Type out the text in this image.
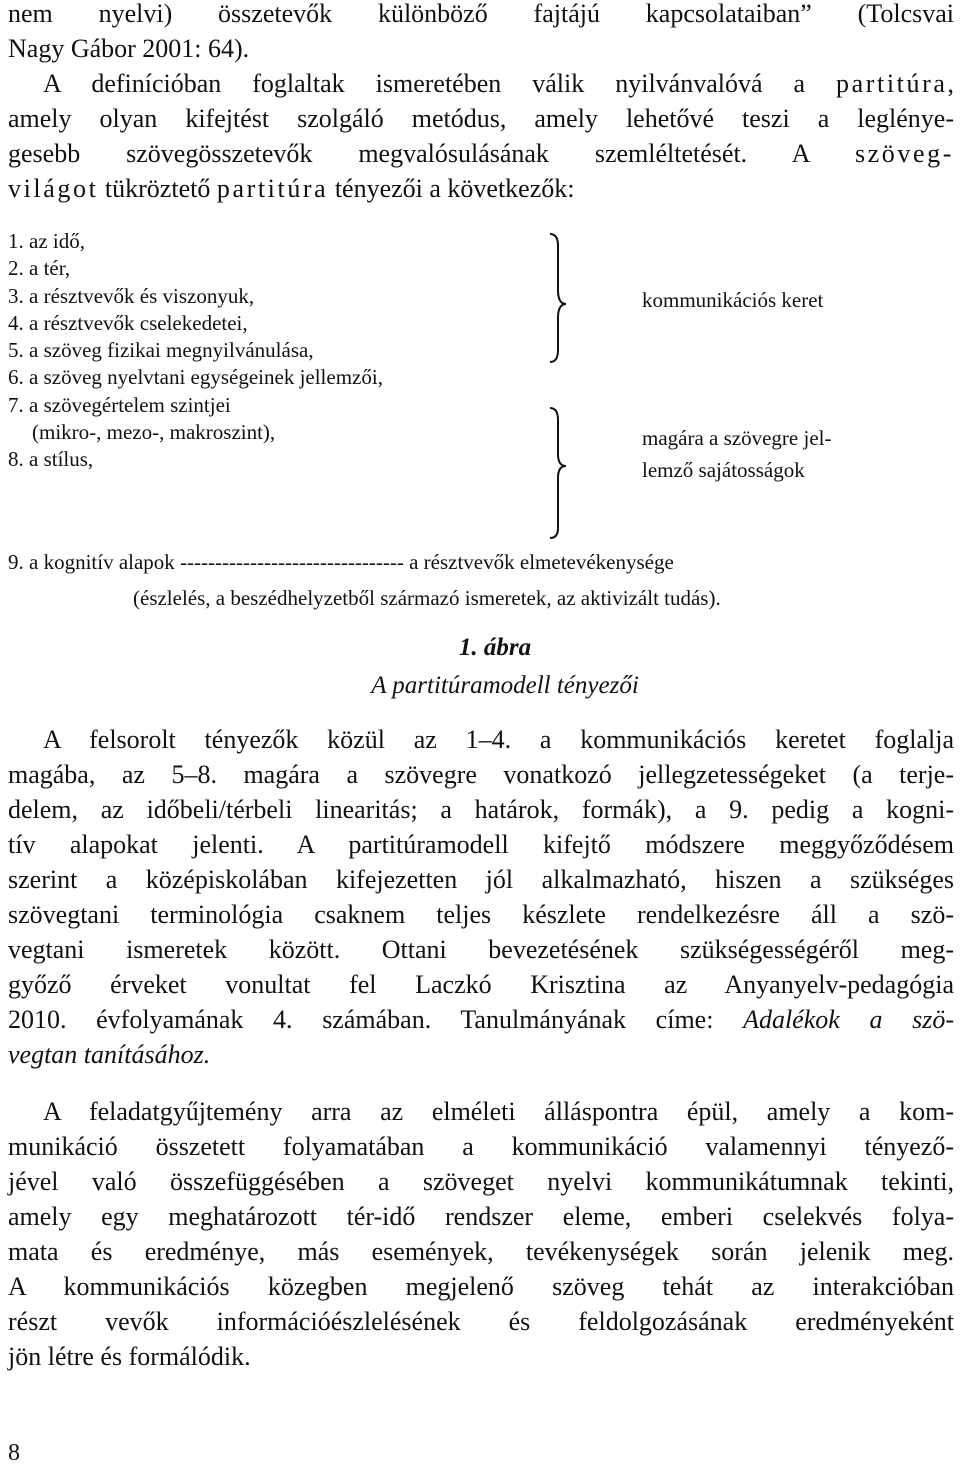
nem nyelvi) összetevők különböző fajtájú kapcsolataiban” (Tolcsvai
Nagy Gábor 2001: 64).
A definícióban foglaltak ismeretében válik nyilvánvalóvá a partitúra,
amely olyan kifejtést szolgáló metódus, amely lehetővé teszi a leglénye-
gesebb szövegösszetevők megvalósulásának szemléltetését. A szöveg-
világot tükröztető partitúra tényezői a következők:
1. az idő,
2. a tér,
3. a résztvevők és viszonyuk,
4. a résztvevők cselekedetei,
5. a szöveg fizikai megnyilvánulása,
6. a szöveg nyelvtani egységeinek jellemzői,
7. a szövegértelem szintjei
(mikro-, mezo-, makroszint),
8. a stílus,
kommunikációs keret
magára a szövegre jel-
lemző sajátosságok
9. a kognitív alapok -------------------------------- a résztvevők elmetevékenysége
(észlelés, a beszédhelyzetből származó ismeretek, az aktivizált tudás).
1. ábra
A partitúramodell tényezői
A felsorolt tényezők közül az 1–4. a kommunikációs keretet foglalja
magába, az 5–8. magára a szövegre vonatkozó jellegzetességeket (a terje-
delem, az időbeli/térbeli linearitás; a határok, formák), a 9. pedig a kogni-
tív alapokat jelenti. A partitúramodell kifejtő módszere meggyőződésem
szerint a középiskolában kifejezetten jól alkalmazható, hiszen a szükséges
szövegtani terminológia csaknem teljes készlete rendelkezésre áll a szö-
vegtani ismeretek között. Ottani bevezetésének szükségességéről meg-
győző érveket vonultat fel Laczkó Krisztina az Anyanyelv-pedagógia
2010. évfolyamának 4. számában. Tanulmányának címe: Adalékok a szö-
vegtan tanításához.
A feladatgyűjtemény arra az elméleti álláspontra épül, amely a kom-
munikáció összetett folyamatában a kommunikáció valamennyi tényező-
jével való összefüggésében a szöveget nyelvi kommunikátumnak tekinti,
amely egy meghatározott tér-idő rendszer eleme, emberi cselekvés folya-
mata és eredménye, más események, tevékenységek során jelenik meg.
A kommunikációs közegben megjelenő szöveg tehát az interakcióban
részt vevők információészlelésének és feldolgozásának eredményeként
jön létre és formálódik.
8
